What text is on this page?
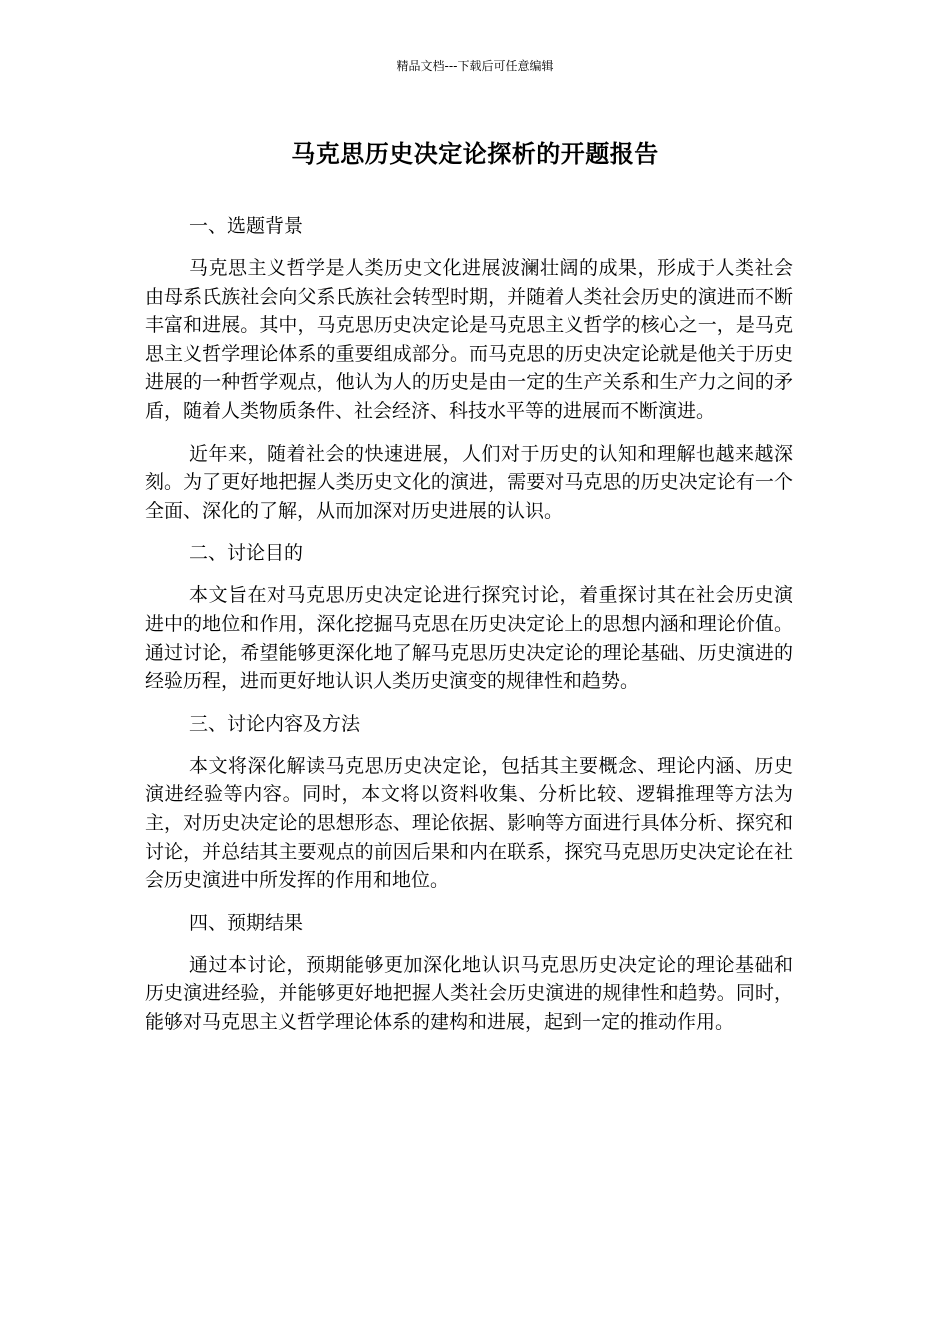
精品文档---下载后可任意编辑
马克思历史决定论探析的开题报告
一、选题背景

马克思主义哲学是人类历史文化进展波澜壮阔的成果，形成于人类社会由母系氏族社会向父系氏族社会转型时期，并随着人类社会历史的演进而不断丰富和进展。其中，马克思历史决定论是马克思主义哲学的核心之一，是马克思主义哲学理论体系的重要组成部分。而马克思的历史决定论就是他关于历史进展的一种哲学观点，他认为人的历史是由一定的生产关系和生产力之间的矛盾，随着人类物质条件、社会经济、科技水平等的进展而不断演进。

近年来，随着社会的快速进展，人们对于历史的认知和理解也越来越深刻。为了更好地把握人类历史文化的演进，需要对马克思的历史决定论有一个全面、深化的了解，从而加深对历史进展的认识。

二、讨论目的

本文旨在对马克思历史决定论进行探究讨论，着重探讨其在社会历史演进中的地位和作用，深化挖掘马克思在历史决定论上的思想内涵和理论价值。通过讨论，希望能够更深化地了解马克思历史决定论的理论基础、历史演进的经验历程，进而更好地认识人类历史演变的规律性和趋势。

三、讨论内容及方法

本文将深化解读马克思历史决定论，包括其主要概念、理论内涵、历史演进经验等内容。同时，本文将以资料收集、分析比较、逻辑推理等方法为主，对历史决定论的思想形态、理论依据、影响等方面进行具体分析、探究和讨论，并总结其主要观点的前因后果和内在联系，探究马克思历史决定论在社会历史演进中所发挥的作用和地位。

四、预期结果

通过本讨论，预期能够更加深化地认识马克思历史决定论的理论基础和历史演进经验，并能够更好地把握人类社会历史演进的规律性和趋势。同时，能够对马克思主义哲学理论体系的建构和进展，起到一定的推动作用。
